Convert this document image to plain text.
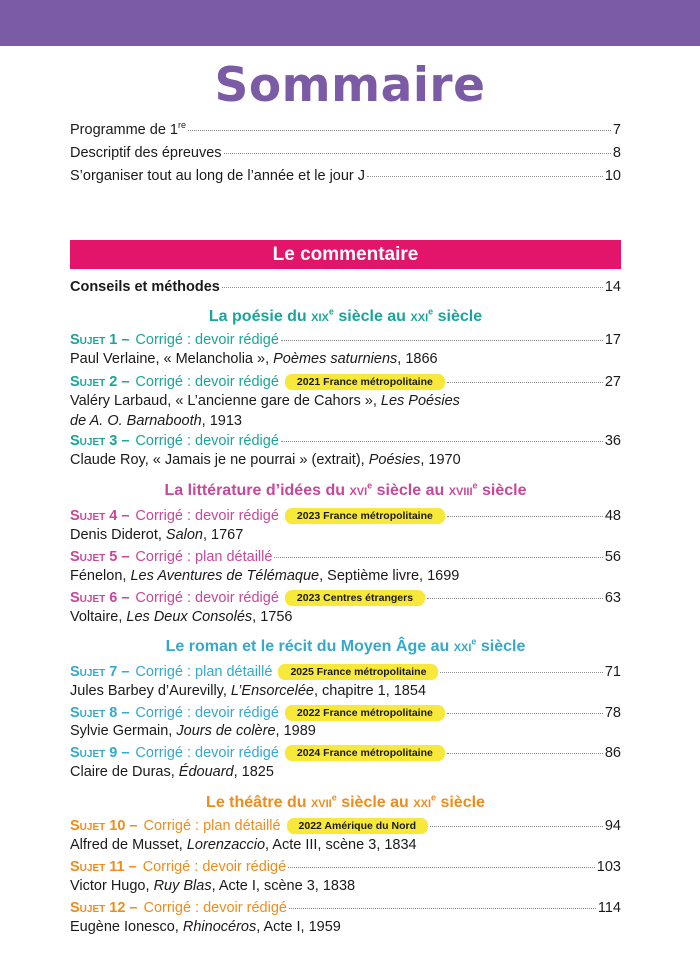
Sommaire
Programme de 1re	7
Descriptif des épreuves	8
S’organiser tout au long de l’année et le jour J	10
Le commentaire
Conseils et méthodes	14
La poésie du xix$^e$ siècle au xxi$^e$ siècle
Sujet 1 – Corrigé : devoir rédigé	17
Paul Verlaine, « Melancholia », Poèmes saturniens, 1866
Sujet 2 – Corrigé : devoir rédigé	2021 France métropolitaine	27
Valéry Larbaud, « L’ancienne gare de Cahors », Les Poésies
de A. O. Barnabooth, 1913
Sujet 3 – Corrigé : devoir rédigé	36
Claude Roy, « Jamais je ne pourrai » (extrait), Poésies, 1970
La littérature d’idées du xvi$^e$ siècle au xviii$^e$ siècle
Sujet 4 – Corrigé : devoir rédigé	2023 France métropolitaine	48
Denis Diderot, Salon, 1767
Sujet 5 – Corrigé : plan détaillé	56
Fénelon, Les Aventures de Télémaque, Septième livre, 1699
Sujet 6 – Corrigé : devoir rédigé	2023 Centres étrangers	63
Voltaire, Les Deux Consolés, 1756
Le roman et le récit du Moyen Âge au xxi$^e$ siècle
Sujet 7 – Corrigé : plan détaillé	2025 France métropolitaine	71
Jules Barbey d’Aurevilly, L’Ensorcelée, chapitre 1, 1854
Sujet 8 – Corrigé : devoir rédigé	2022 France métropolitaine	78
Sylvie Germain, Jours de colère, 1989
Sujet 9 – Corrigé : devoir rédigé	2024 France métropolitaine	86
Claire de Duras, Édouard, 1825
Le théâtre du xvii$^e$ siècle au xxi$^e$ siècle
Sujet 10 – Corrigé : plan détaillé	2022 Amérique du Nord	94
Alfred de Musset, Lorenzaccio, Acte III, scène 3, 1834
Sujet 11 – Corrigé : devoir rédigé	103
Victor Hugo, Ruy Blas, Acte I, scène 3, 1838
Sujet 12 – Corrigé : devoir rédigé	114
Eugène Ionesco, Rhinocéros, Acte I, 1959
